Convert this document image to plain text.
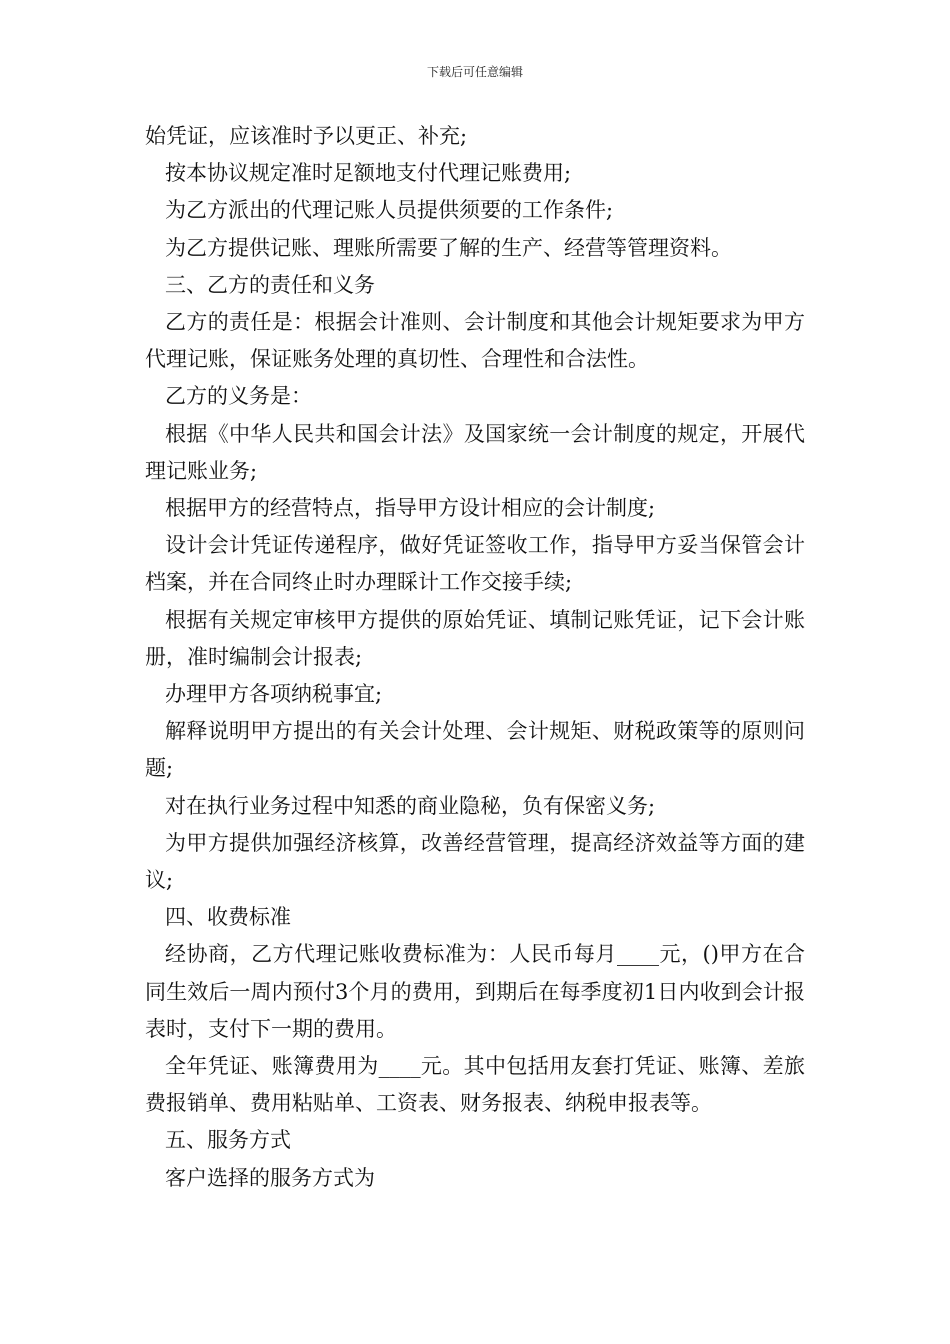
下载后可任意编辑

始凭证，应该准时予以更正、补充;

按本协议规定准时足额地支付代理记账费用;

为乙方派出的代理记账人员提供须要的工作条件;

为乙方提供记账、理账所需要了解的生产、经营等管理资料。

三、乙方的责任和义务

乙方的责任是：根据会计准则、会计制度和其他会计规矩要求为甲方代理记账，保证账务处理的真切性、合理性和合法性。

乙方的义务是：

根据《中华人民共和国会计法》及国家统一会计制度的规定，开展代理记账业务;

根据甲方的经营特点，指导甲方设计相应的会计制度;

设计会计凭证传递程序，做好凭证签收工作，指导甲方妥当保管会计档案，并在合同终止时办理睬计工作交接手续;

根据有关规定审核甲方提供的原始凭证、填制记账凭证，记下会计账册，准时编制会计报表;

办理甲方各项纳税事宜;

解释说明甲方提出的有关会计处理、会计规矩、财税政策等的原则问题;

对在执行业务过程中知悉的商业隐秘，负有保密义务;

为甲方提供加强经济核算，改善经营管理，提高经济效益等方面的建议;

四、收费标准

经协商，乙方代理记账收费标准为：人民币每月____元，()甲方在合同生效后一周内预付3个月的费用，到期后在每季度初1日内收到会计报表时，支付下一期的费用。

全年凭证、账簿费用为____元。其中包括用友套打凭证、账簿、差旅费报销单、费用粘贴单、工资表、财务报表、纳税申报表等。

五、服务方式

客户选择的服务方式为
